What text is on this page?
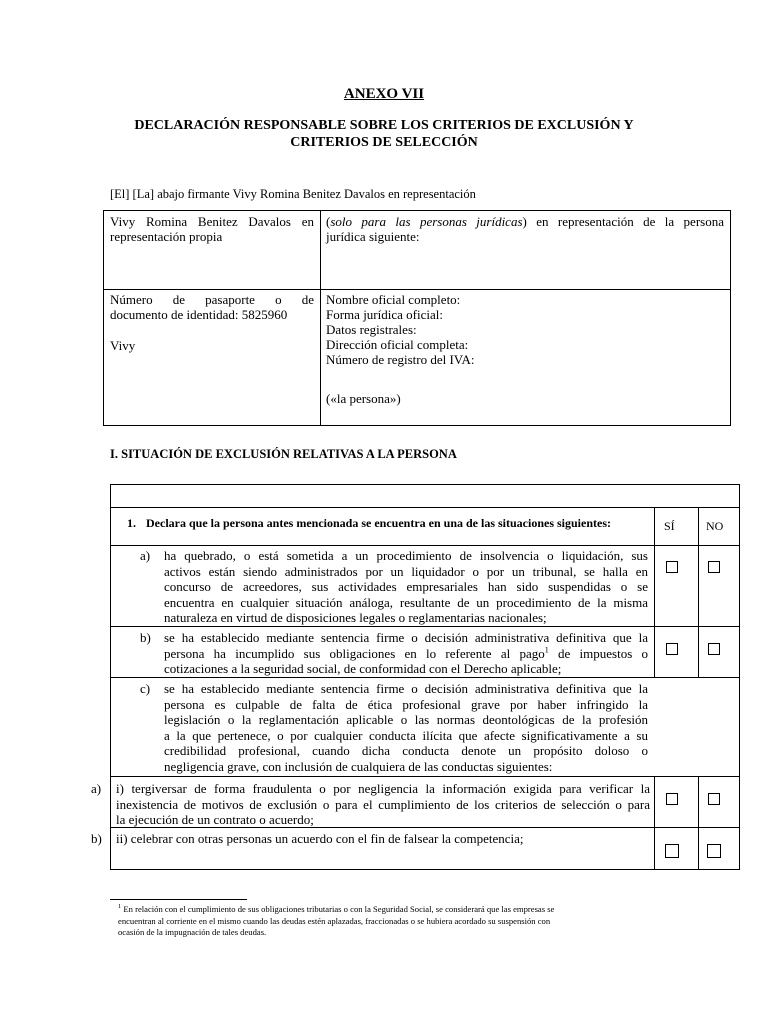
ANEXO VII
DECLARACIÓN RESPONSABLE SOBRE LOS CRITERIOS DE EXCLUSIÓN Y
CRITERIOS DE SELECCIÓN
[El] [La] abajo firmante Vivy Romina Benitez Davalos en representación
Vivy Romina Benitez Davalos en
representación propia
(solo para las personas jurídicas) en representación de la persona
jurídica siguiente:
Número de pasaporte o de
documento de identidad: 5825960
Vivy
Nombre oficial completo:
Forma jurídica oficial:
Datos registrales:
Dirección oficial completa:
Número de registro del IVA:
(«la persona»)
I. SITUACIÓN DE EXCLUSIÓN RELATIVAS A LA PERSONA
1. Declara que la persona antes mencionada se encuentra en una de las situaciones siguientes:	SÍ	NO
a) ha quebrado, o está sometida a un procedimiento de insolvencia o liquidación, sus
activos están siendo administrados por un liquidador o por un tribunal, se halla en
concurso de acreedores, sus actividades empresariales han sido suspendidas o se
encuentra en cualquier situación análoga, resultante de un procedimiento de la misma
naturaleza en virtud de disposiciones legales o reglamentarias nacionales;
b) se ha establecido mediante sentencia firme o decisión administrativa definitiva que la
persona ha incumplido sus obligaciones en lo referente al pago$^1$ de impuestos o
cotizaciones a la seguridad social, de conformidad con el Derecho aplicable;
c) se ha establecido mediante sentencia firme o decisión administrativa definitiva que la
persona es culpable de falta de ética profesional grave por haber infringido la
legislación o la reglamentación aplicable o las normas deontológicas de la profesión
a la que pertenece, o por cualquier conducta ilícita que afecte significativamente a su
credibilidad profesional, cuando dicha conducta denote un propósito doloso o
negligencia grave, con inclusión de cualquiera de las conductas siguientes:
a) i) tergiversar de forma fraudulenta o por negligencia la información exigida para verificar la
inexistencia de motivos de exclusión o para el cumplimiento de los criterios de selección o para
la ejecución de un contrato o acuerdo;
b) ii) celebrar con otras personas un acuerdo con el fin de falsear la competencia;
$^1$ En relación con el cumplimiento de sus obligaciones tributarias o con la Seguridad Social, se considerará que las empresas se
encuentran al corriente en el mismo cuando las deudas estén aplazadas, fraccionadas o se hubiera acordado su suspensión con
ocasión de la impugnación de tales deudas.
